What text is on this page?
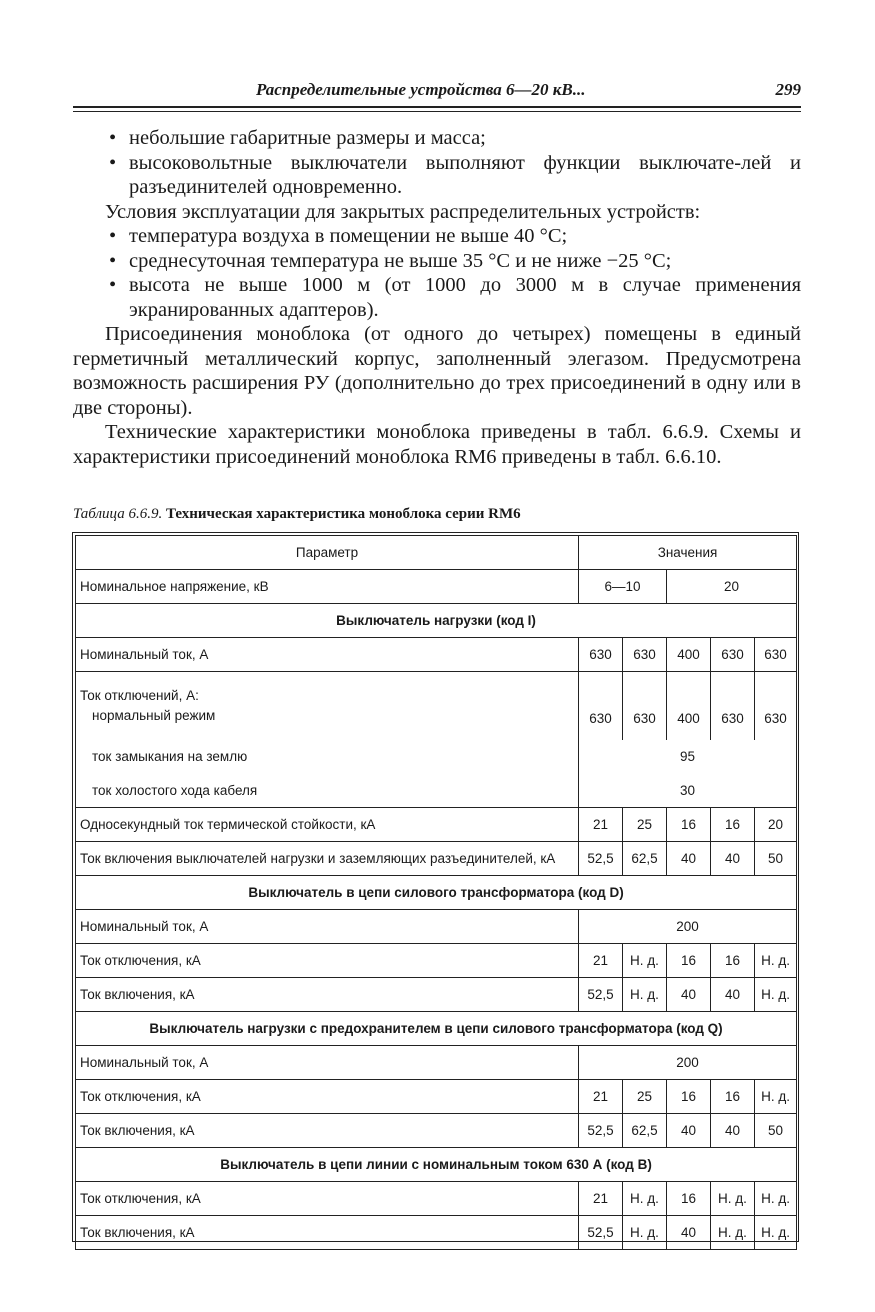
Распределительные устройства 6—20 кВ...	299
• небольшие габаритные размеры и масса;
• высоковольтные выключатели выполняют функции выключате-лей и разъединителей одновременно.

Условия эксплуатации для закрытых распределительных устройств:

• температура воздуха в помещении не выше 40 °С;
• среднесуточная температура не выше 35 °С и не ниже −25 °С;
• высота не выше 1000 м (от 1000 до 3000 м в случае применения экранированных адаптеров).

Присоединения моноблока (от одного до четырех) помещены в единый герметичный металлический корпус, заполненный элегазом. Предусмотрена возможность расширения РУ (дополнительно до трех присоединений в одну или в две стороны).

Технические характеристики моноблока приведены в табл. 6.6.9. Схемы и характеристики присоединений моноблока RM6 приведены в табл. 6.6.10.

Таблица 6.6.9. Техническая характеристика моноблока серии RM6
Параметр	Значения				
Номинальное напряжение, кВ	6—10		20		
Выключатель нагрузки (код I)					
Номинальный ток, А	630	630	400	630	630

Ток отключений, А:
нормальный режим	630	630	400	630	630
ток замыкания на землю	95				
ток холостого хода кабеля	30				
Односекундный ток термической стойкости, кА	21	25	16	16	20
Ток включения выключателей нагрузки и заземляющих разъединителей, кА	52,5	62,5	40	40	50
Выключатель в цепи силового трансформатора (код D)					
Номинальный ток, А	200				
Ток отключения, кА	21	Н. д.	16	16	Н. д.
Ток включения, кА	52,5	Н. д.	40	40	Н. д.
Выключатель нагрузки с предохранителем в цепи силового трансформатора (код Q)					
Номинальный ток, А	200				
Ток отключения, кА	21	25	16	16	Н. д.
Ток включения, кА	52,5	62,5	40	40	50
Выключатель в цепи линии с номинальным током 630 А (код В)					
Ток отключения, кА	21	Н. д.	16	Н. д.	Н. д.
Ток включения, кА	52,5	Н. д.	40	Н. д.	Н. д.
